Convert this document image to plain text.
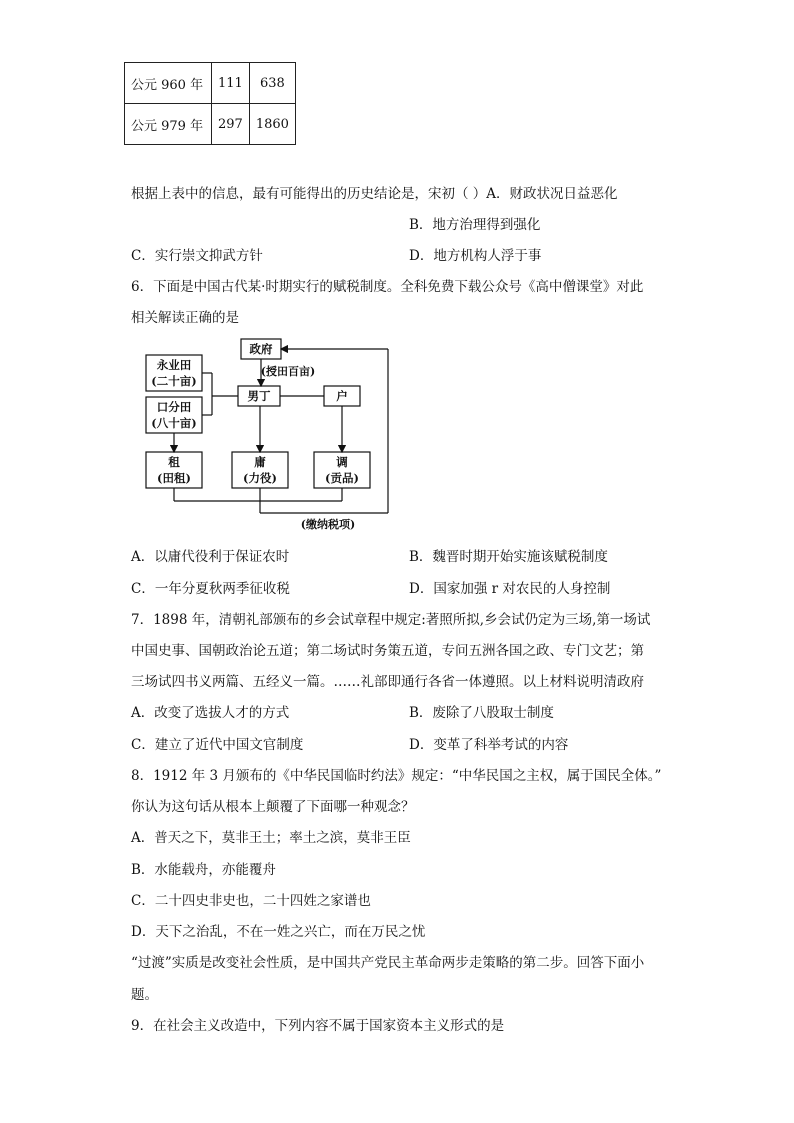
公元 960 年	111	638
公元 979 年	297	1860
根据上表中的信息，最有可能得出的历史结论是，宋初（ ）A．财政状况日益恶化
B．地方治理得到强化
C．实行崇文抑武方针	D．地方机构人浮于事
6．下面是中国古代某·时期实行的赋税制度。全科免费下载公众号《高中僧课堂》对此
相关解读正确的是
政府
(授田百亩)
永业田
(二十亩)
口分田
(八十亩)
男丁	户
租
(田租)
庸
(力役)
调
(贡品)
(缴纳税项)
A．以庸代役利于保证农时	B．魏晋时期开始实施该赋税制度
C．一年分夏秋两季征收税	D．国家加强 r 对农民的人身控制
7．1898 年，清朝礼部颁布的乡会试章程中规定:著照所拟,乡会试仍定为三场,第一场试
中国史事、国朝政治论五道；第二场试时务策五道，专问五洲各国之政、专门文艺；第
三场试四书义两篇、五经义一篇。……礼部即通行各省一体遵照。以上材料说明清政府
A．改变了选拔人才的方式	B．废除了八股取士制度
C．建立了近代中国文官制度	D．变革了科举考试的内容
8．1912 年 3 月颁布的《中华民国临时约法》规定：“中华民国之主权，属于国民全体。”
你认为这句话从根本上颠覆了下面哪一种观念？
A．普天之下，莫非王土；率土之滨，莫非王臣
B．水能载舟，亦能覆舟
C．二十四史非史也，二十四姓之家谱也
D．天下之治乱，不在一姓之兴亡，而在万民之忧
“过渡”实质是改变社会性质，是中国共产党民主革命两步走策略的第二步。回答下面小
题。
9．在社会主义改造中，下列内容不属于国家资本主义形式的是
